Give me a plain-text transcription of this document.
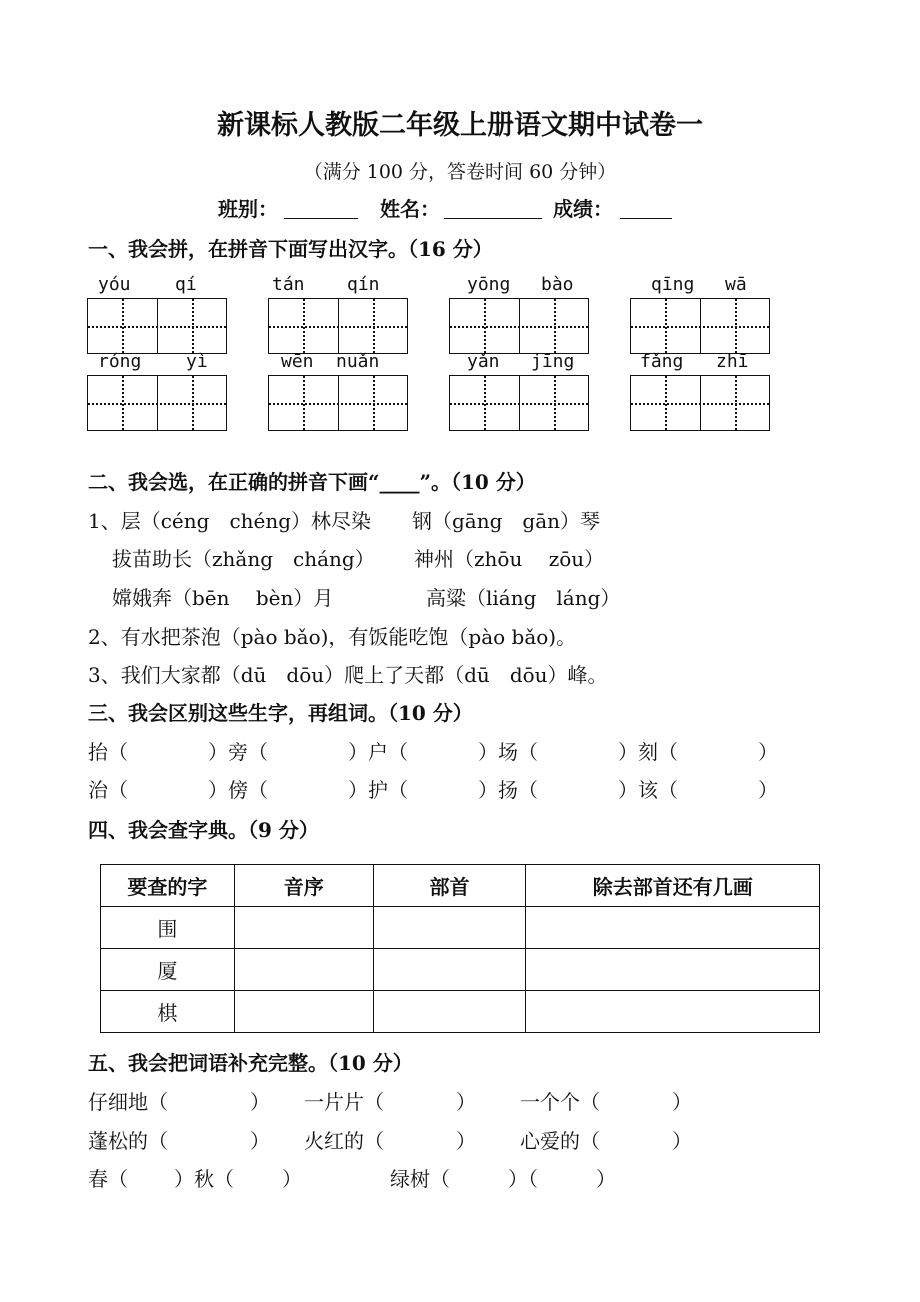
新课标人教版二年级上册语文期中试卷一
（满分 100 分，答卷时间 60 分钟）
班别：	姓名：	成绩：
一、我会拼，在拼音下面写出汉字。（16 分）
yóu qí	tán qín	yōng bào	qīng wā
róng yì	wēn nuǎn	yǎn jīng	fǎng zhī
二、我会选，在正确的拼音下画“____”。（10 分）
1、层（céng　chéng）林尽染 钢（gāng　gān）琴
拔苗助长（zhǎng　cháng） 神州（zhōu　 zōu）
嫦娥奔（bēn　 bèn）月	高粱（liáng　láng）
2、有水把茶泡（pào bǎo)，有饭能吃饱（pào bǎo)。
3、我们大家都（dū　dōu）爬上了天都（dū　dōu）峰。
三、我会区别这些生字，再组词。（10 分）
抬（	）旁（	）户（	）场（	）刻（	）
治（	）傍（	）护（	）扬（	）该（	）
四、我会查字典。（9 分）
要查的字	音序	部首	除去部首还有几画
围			
厦			
棋			
五、我会把词语补充完整。（10 分）
仔细地（	） 一片片（	） 一个个（	）
蓬松的（	） 火红的（	） 心爱的（	）
春（ ）秋（ ）	绿树（	）（	）
